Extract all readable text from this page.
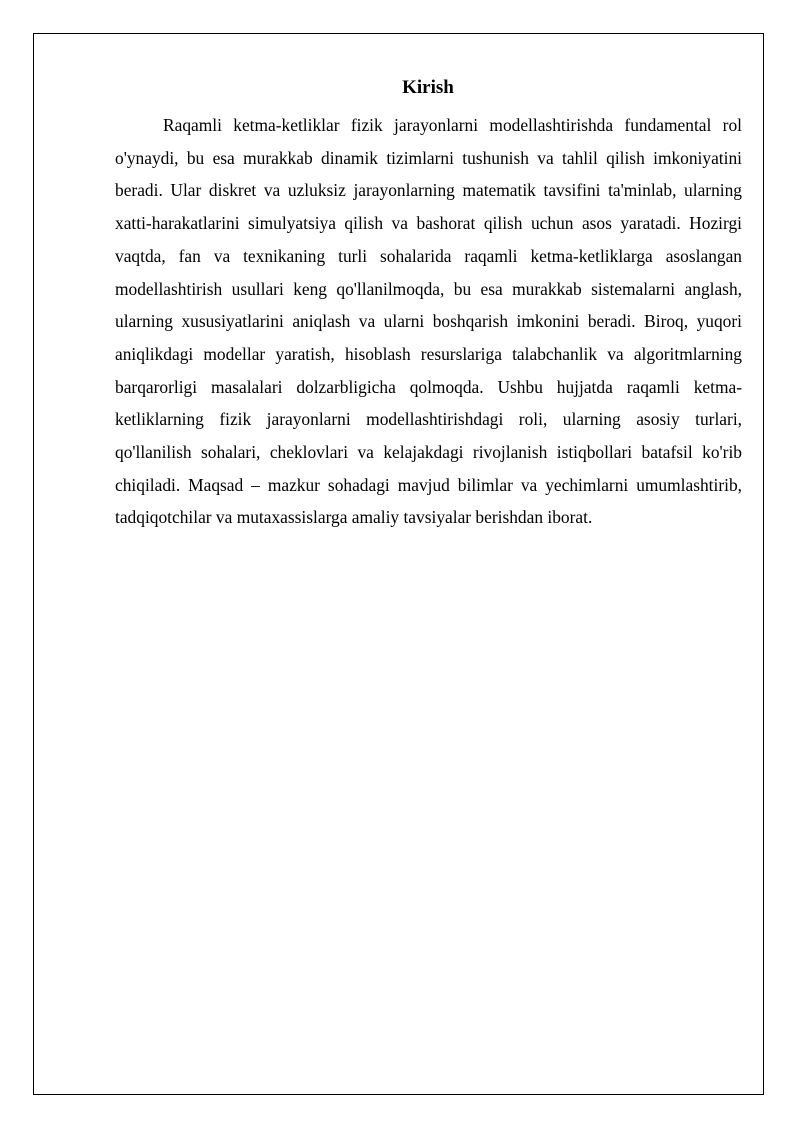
Kirish

Raqamli ketma-ketliklar fizik jarayonlarni modellashtirishda fundamental rol o'ynaydi, bu esa murakkab dinamik tizimlarni tushunish va tahlil qilish imkoniyatini beradi. Ular diskret va uzluksiz jarayonlarning matematik tavsifini ta'minlab, ularning xatti-harakatlarini simulyatsiya qilish va bashorat qilish uchun asos yaratadi. Hozirgi vaqtda, fan va texnikaning turli sohalarida raqamli ketma-ketliklarga asoslangan modellashtirish usullari keng qo'llanilmoqda, bu esa murakkab sistemalarni anglash, ularning xususiyatlarini aniqlash va ularni boshqarish imkonini beradi. Biroq, yuqori aniqlikdagi modellar yaratish, hisoblash resurslariga talabchanlik va algoritmlarning barqarorligi masalalari dolzarbligicha qolmoqda. Ushbu hujjatda raqamli ketma-ketliklarning fizik jarayonlarni modellashtirishdagi roli, ularning asosiy turlari, qo'llanilish sohalari, cheklovlari va kelajakdagi rivojlanish istiqbollari batafsil ko'rib chiqiladi. Maqsad – mazkur sohadagi mavjud bilimlar va yechimlarni umumlashtirib, tadqiqotchilar va mutaxassislarga amaliy tavsiyalar berishdan iborat.
